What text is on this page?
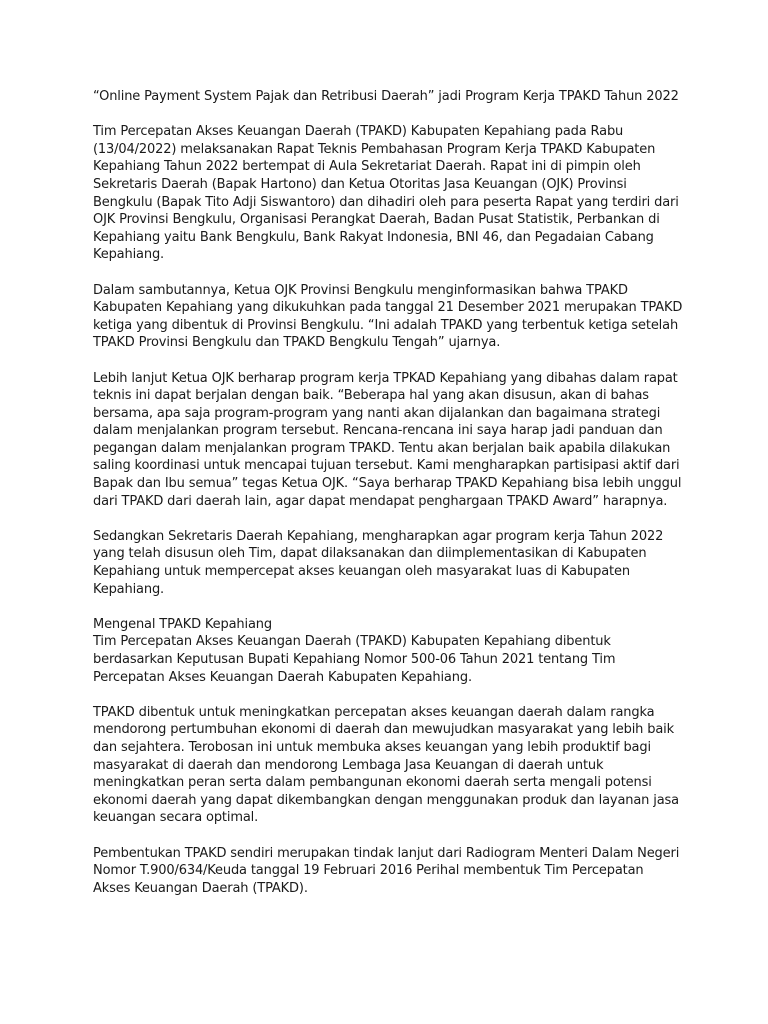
“Online Payment System Pajak dan Retribusi Daerah” jadi Program Kerja TPAKD Tahun 2022

Tim Percepatan Akses Keuangan Daerah (TPAKD) Kabupaten Kepahiang pada Rabu
(13/04/2022) melaksanakan Rapat Teknis Pembahasan Program Kerja TPAKD Kabupaten
Kepahiang Tahun 2022 bertempat di Aula Sekretariat Daerah. Rapat ini di pimpin oleh
Sekretaris Daerah (Bapak Hartono) dan Ketua Otoritas Jasa Keuangan (OJK) Provinsi
Bengkulu (Bapak Tito Adji Siswantoro) dan dihadiri oleh para peserta Rapat yang terdiri dari
OJK Provinsi Bengkulu, Organisasi Perangkat Daerah, Badan Pusat Statistik, Perbankan di
Kepahiang yaitu Bank Bengkulu, Bank Rakyat Indonesia, BNI 46, dan Pegadaian Cabang
Kepahiang.

Dalam sambutannya, Ketua OJK Provinsi Bengkulu menginformasikan bahwa TPAKD
Kabupaten Kepahiang yang dikukuhkan pada tanggal 21 Desember 2021 merupakan TPAKD
ketiga yang dibentuk di Provinsi Bengkulu. “Ini adalah TPAKD yang terbentuk ketiga setelah
TPAKD Provinsi Bengkulu dan TPAKD Bengkulu Tengah” ujarnya.

Lebih lanjut Ketua OJK berharap program kerja TPKAD Kepahiang yang dibahas dalam rapat
teknis ini dapat berjalan dengan baik. “Beberapa hal yang akan disusun, akan di bahas
bersama, apa saja program-program yang nanti akan dijalankan dan bagaimana strategi
dalam menjalankan program tersebut. Rencana-rencana ini saya harap jadi panduan dan
pegangan dalam menjalankan program TPAKD. Tentu akan berjalan baik apabila dilakukan
saling koordinasi untuk mencapai tujuan tersebut. Kami mengharapkan partisipasi aktif dari
Bapak dan Ibu semua” tegas Ketua OJK. “Saya berharap TPAKD Kepahiang bisa lebih unggul
dari TPAKD dari daerah lain, agar dapat mendapat penghargaan TPAKD Award” harapnya.

Sedangkan Sekretaris Daerah Kepahiang, mengharapkan agar program kerja Tahun 2022
yang telah disusun oleh Tim, dapat dilaksanakan dan diimplementasikan di Kabupaten
Kepahiang untuk mempercepat akses keuangan oleh masyarakat luas di Kabupaten
Kepahiang.

Mengenal TPAKD Kepahiang
Tim Percepatan Akses Keuangan Daerah (TPAKD) Kabupaten Kepahiang dibentuk
berdasarkan Keputusan Bupati Kepahiang Nomor 500-06 Tahun 2021 tentang Tim
Percepatan Akses Keuangan Daerah Kabupaten Kepahiang.

TPAKD dibentuk untuk meningkatkan percepatan akses keuangan daerah dalam rangka
mendorong pertumbuhan ekonomi di daerah dan mewujudkan masyarakat yang lebih baik
dan sejahtera. Terobosan ini untuk membuka akses keuangan yang lebih produktif bagi
masyarakat di daerah dan mendorong Lembaga Jasa Keuangan di daerah untuk
meningkatkan peran serta dalam pembangunan ekonomi daerah serta mengali potensi
ekonomi daerah yang dapat dikembangkan dengan menggunakan produk dan layanan jasa
keuangan secara optimal.

Pembentukan TPAKD sendiri merupakan tindak lanjut dari Radiogram Menteri Dalam Negeri
Nomor T.900/634/Keuda tanggal 19 Februari 2016 Perihal membentuk Tim Percepatan
Akses Keuangan Daerah (TPAKD).
